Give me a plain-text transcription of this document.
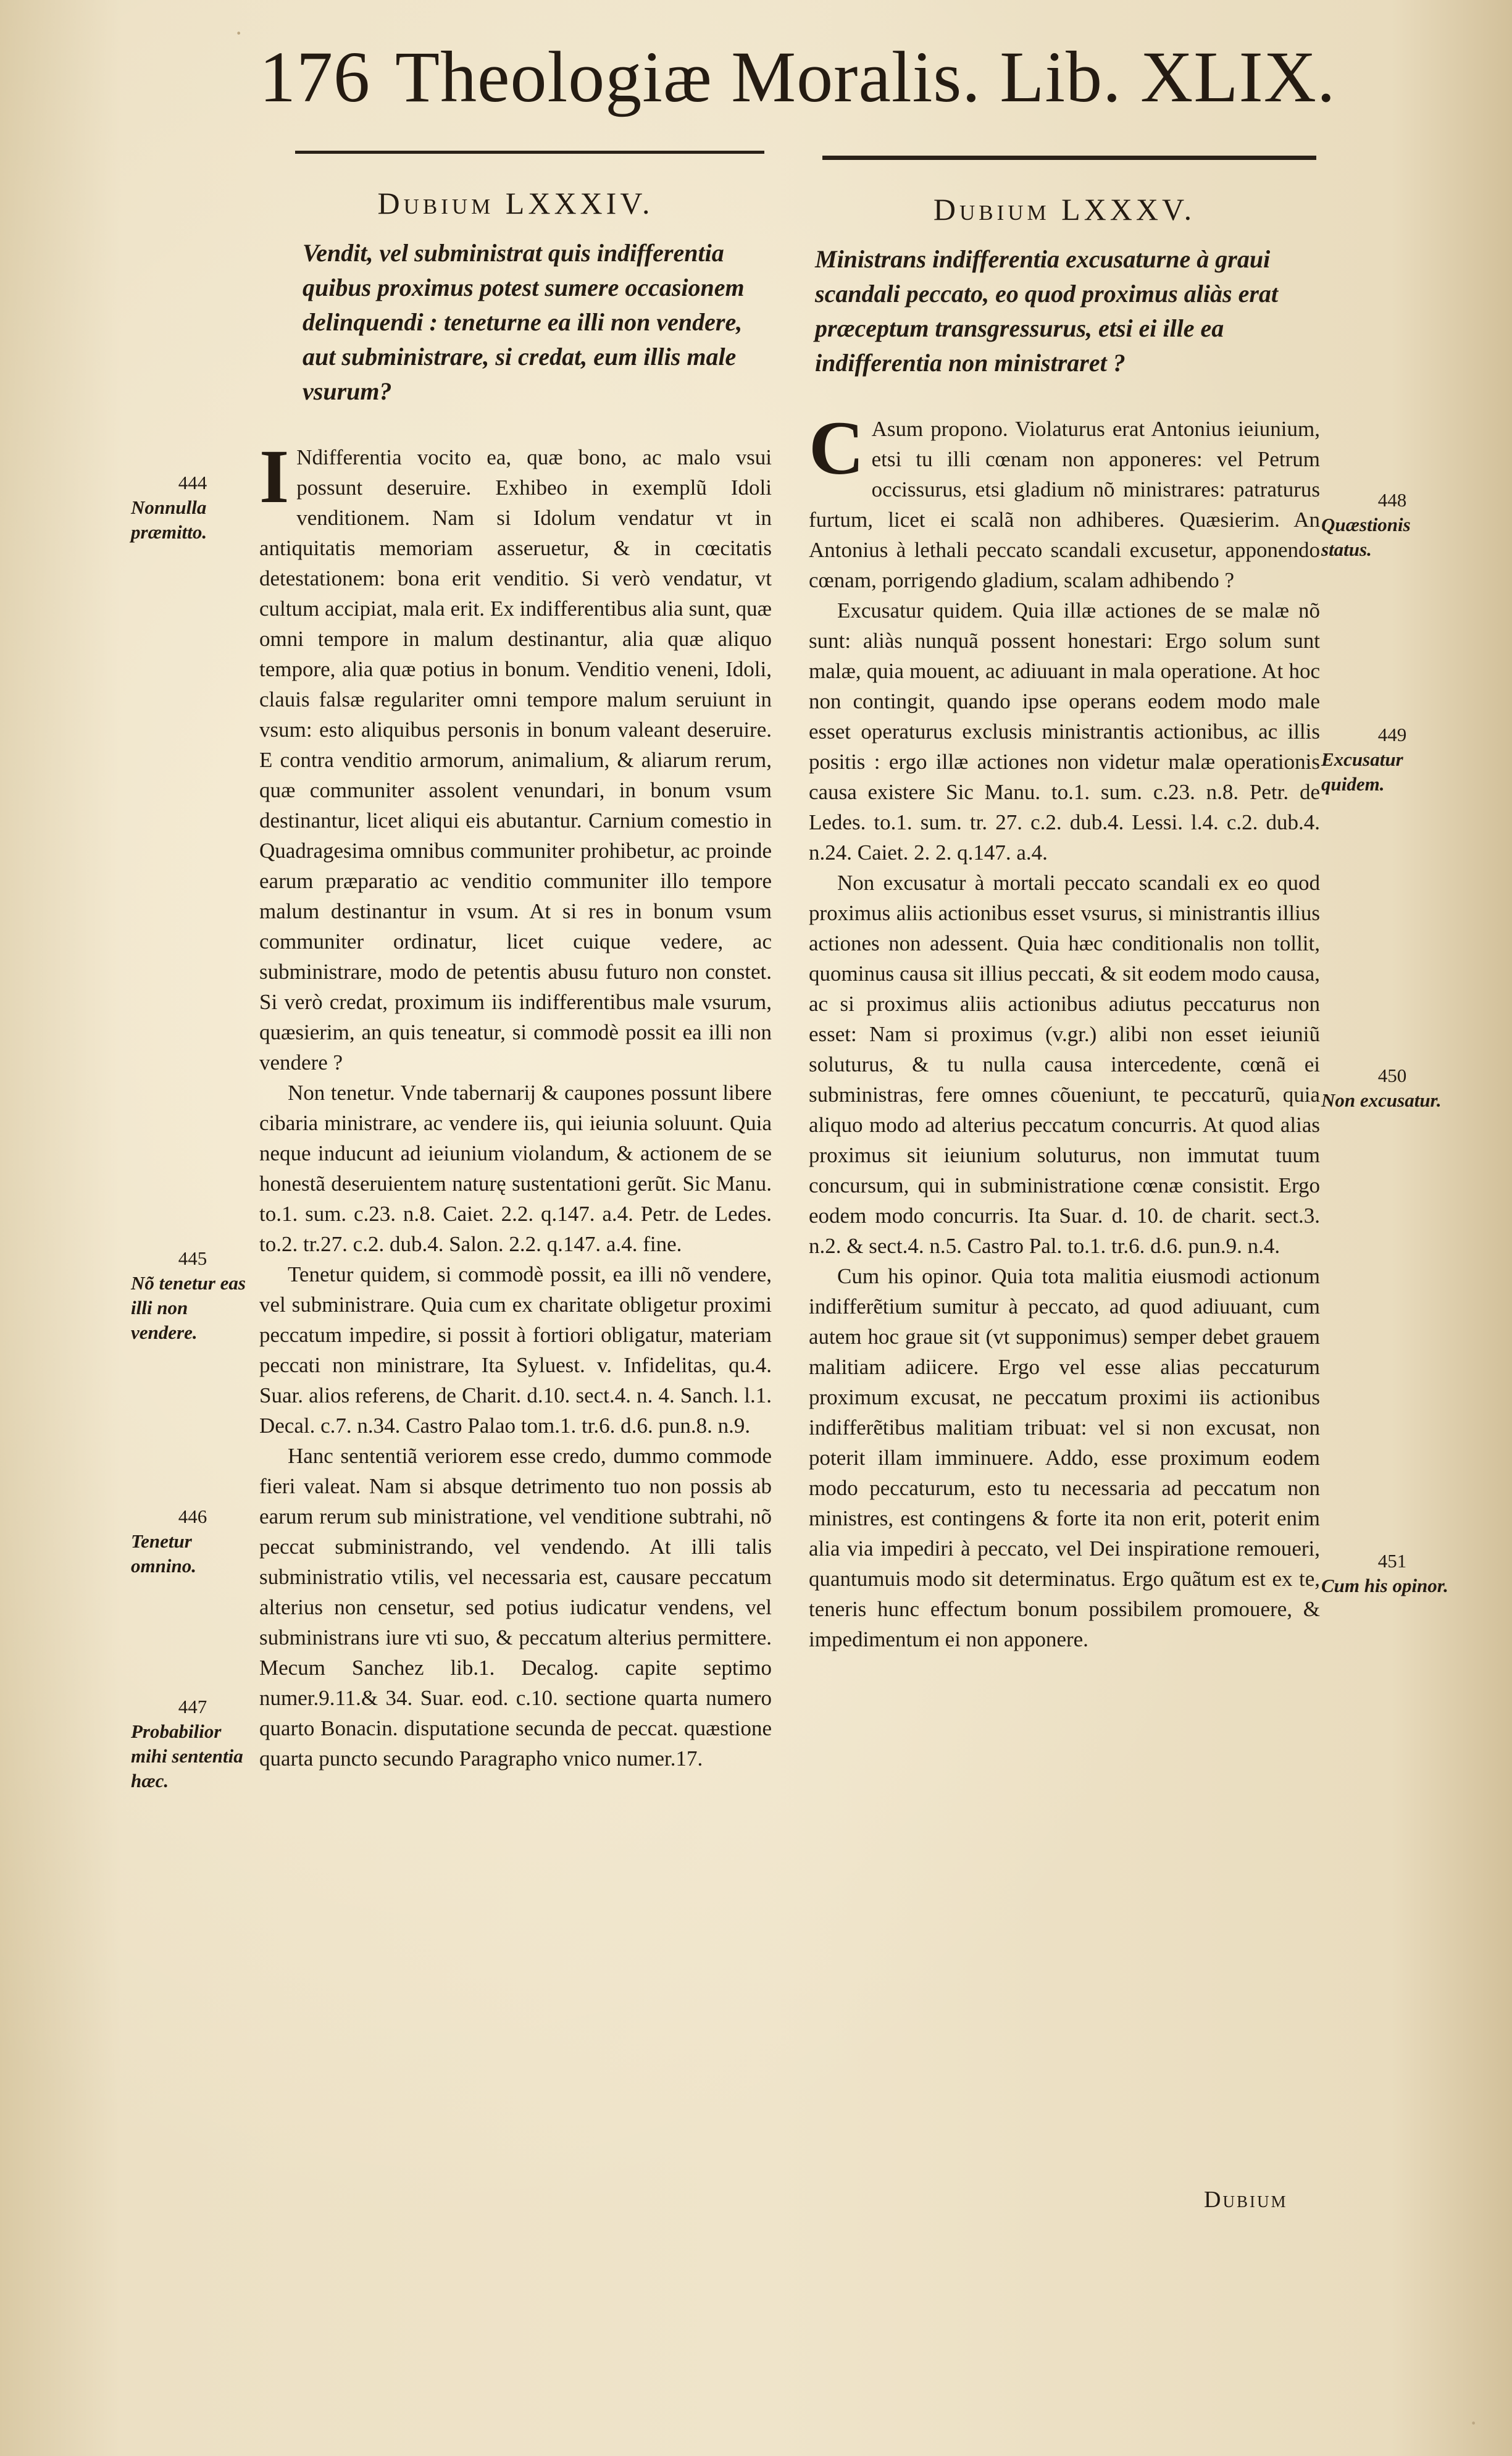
176 Theologiæ Moralis. Lib. XLIX.
Dubium LXXXIV.
Vendit, vel subministrat quis indifferentia quibus proximus potest sumere occasionem delinquendi : teneturne ea illi non vendere, aut subministrare, si credat, eum illis male vsurum?

I Ndifferentia vocito ea, quæ bono, ac malo vsui possunt deseruire. Exhibeo in exemplũ Idoli venditionem. Nam si Idolum vendatur vt in antiquitatis memoriam asseruetur, & in cœcitatis detestationem: bona erit venditio. Si verò vendatur, vt cultum accipiat, mala erit. Ex indifferentibus alia sunt, quæ omni tempore in malum destinantur, alia quæ aliquo tempore, alia quæ potius in bonum. Venditio veneni, Idoli, clauis falsæ regulariter omni tempore malum seruiunt in vsum: esto aliquibus personis in bonum valeant deseruire. E contra venditio armorum, animalium, & aliarum rerum, quæ communiter assolent venundari, in bonum vsum destinantur, licet aliqui eis abutantur. Carnium comestio in Quadragesima omnibus communiter prohibetur, ac proinde earum præparatio ac venditio communiter illo tempore malum destinantur in vsum. At si res in bonum vsum communiter ordinatur, licet cuique vedere, ac subministrare, modo de petentis abusu futuro non constet. Si verò credat, proximum iis indifferentibus male vsurum, quæsierim, an quis teneatur, si commodè possit ea illi non vendere ?

Non tenetur. Vnde tabernarij & caupones possunt libere cibaria ministrare, ac vendere iis, qui ieiunia soluunt. Quia neque inducunt ad ieiunium violandum, & actionem de se honestã deseruientem naturę sustentationi gerũt. Sic Manu. to.1. sum. c.23. n.8. Caiet. 2.2. q.147. a.4. Petr. de Ledes. to.2. tr.27. c.2. dub.4. Salon. 2.2. q.147. a.4. fine.

Tenetur quidem, si commodè possit, ea illi nõ vendere, vel subministrare. Quia cum ex charitate obligetur proximi peccatum impedire, si possit à fortiori obligatur, materiam peccati non ministrare, Ita Syluest. v. Infidelitas, qu.4. Suar. alios referens, de Charit. d.10. sect.4. n. 4. Sanch. l.1. Decal. c.7. n.34. Castro Palao tom.1. tr.6. d.6. pun.8. n.9.

Hanc sententiã veriorem esse credo, dummo commode fieri valeat. Nam si absque detrimento tuo non possis ab earum rerum sub ministratione, vel venditione subtrahi, nõ peccat subministrando, vel vendendo. At illi talis subministratio vtilis, vel necessaria est, causare peccatum alterius non censetur, sed potius iudicatur vendens, vel subministrans iure vti suo, & peccatum alterius permittere. Mecum Sanchez lib.1. Decalog. capite septimo numer.9.11.& 34. Suar. eod. c.10. sectione quarta numero quarto Bonacin. disputatione secunda de peccat. quæstione quarta puncto secundo Paragrapho vnico numer.17.

444
Nonnulla præmitto.
445
Nõ tenetur eas illi non vendere.
446
Tenetur omnino.
447
Probabilior mihi sententia hæc.
Dubium LXXXV.
Ministrans indifferentia excusaturne à graui scandali peccato, eo quod proximus aliàs erat præceptum transgressurus, etsi ei ille ea indifferentia non ministraret ?

C Asum propono. Violaturus erat Antonius ieiunium, etsi tu illi cœnam non apponeres: vel Petrum occissurus, etsi gladium nõ ministrares: patraturus furtum, licet ei scalã non adhiberes. Quæsierim. An Antonius à lethali peccato scandali excusetur, apponendo cœnam, porrigendo gladium, scalam adhibendo ?

Excusatur quidem. Quia illæ actiones de se malæ nõ sunt: aliàs nunquã possent honestari: Ergo solum sunt malæ, quia mouent, ac adiuuant in mala operatione. At hoc non contingit, quando ipse operans eodem modo male esset operaturus exclusis ministrantis actionibus, ac illis positis : ergo illæ actiones non videtur malæ operationis causa existere Sic Manu. to.1. sum. c.23. n.8. Petr. de Ledes. to.1. sum. tr. 27. c.2. dub.4. Lessi. l.4. c.2. dub.4. n.24. Caiet. 2. 2. q.147. a.4.

Non excusatur à mortali peccato scandali ex eo quod proximus aliis actionibus esset vsurus, si ministrantis illius actiones non adessent. Quia hæc conditionalis non tollit, quominus causa sit illius peccati, & sit eodem modo causa, ac si proximus aliis actionibus adiutus peccaturus non esset: Nam si proximus (v.gr.) alibi non esset ieiuniũ soluturus, & tu nulla causa intercedente, cœnã ei subministras, fere omnes cõueniunt, te peccaturũ, quia aliquo modo ad alterius peccatum concurris. At quod alias proximus sit ieiunium soluturus, non immutat tuum concursum, qui in subministratione cœnæ consistit. Ergo eodem modo concurris. Ita Suar. d. 10. de charit. sect.3. n.2. & sect.4. n.5. Castro Pal. to.1. tr.6. d.6. pun.9. n.4.

Cum his opinor. Quia tota malitia eiusmodi actionum indifferẽtium sumitur à peccato, ad quod adiuuant, cum autem hoc graue sit (vt supponimus) semper debet grauem malitiam adiicere. Ergo vel esse alias peccaturum proximum excusat, ne peccatum proximi iis actionibus indifferẽtibus malitiam tribuat: vel si non excusat, non poterit illam imminuere. Addo, esse proximum eodem modo peccaturum, esto tu necessaria ad peccatum non ministres, est contingens & forte ita non erit, poterit enim alia via impediri à peccato, vel Dei inspiratione remoueri, quantumuis modo sit determinatus. Ergo quãtum est ex te, teneris hunc effectum bonum possibilem promouere, & impedimentum ei non apponere.

448
Quæstionis status.
449
Excusatur quidem.
450
Non excusatur.
451
Cum his opinor.
Dubium
·
·
